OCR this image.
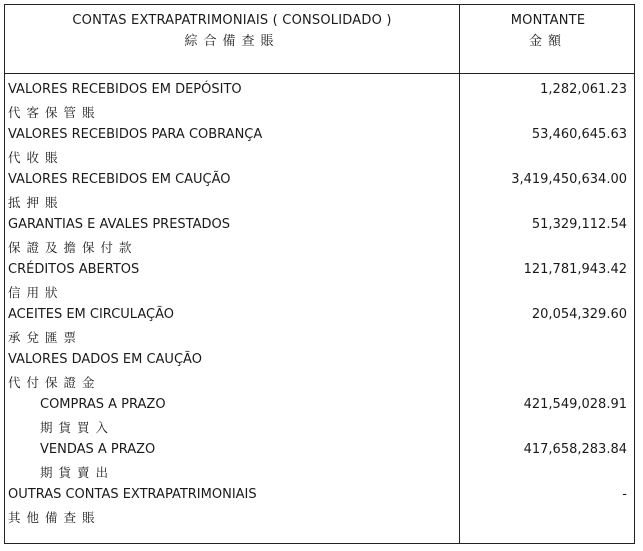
CONTAS EXTRAPATRIMONIAIS ( CONSOLIDADO )
綜合備查賬
MONTANTE
金額
VALORES RECEBIDOS EM DEPÓSITO	1,282,061.23
代客保管賬
VALORES RECEBIDOS PARA COBRANÇA	53,460,645.63
代收賬
VALORES RECEBIDOS EM CAUÇÃO	3,419,450,634.00
抵押賬
GARANTIAS E AVALES PRESTADOS	51,329,112.54
保證及擔保付款
CRÉDITOS ABERTOS	121,781,943.42
信用狀
ACEITES EM CIRCULAÇÃO	20,054,329.60
承兌匯票
VALORES DADOS EM CAUÇÃO
代付保證金
COMPRAS A PRAZO	421,549,028.91
期貨買入
VENDAS A PRAZO	417,658,283.84
期貨賣出
OUTRAS CONTAS EXTRAPATRIMONIAIS	-
其他備查賬
